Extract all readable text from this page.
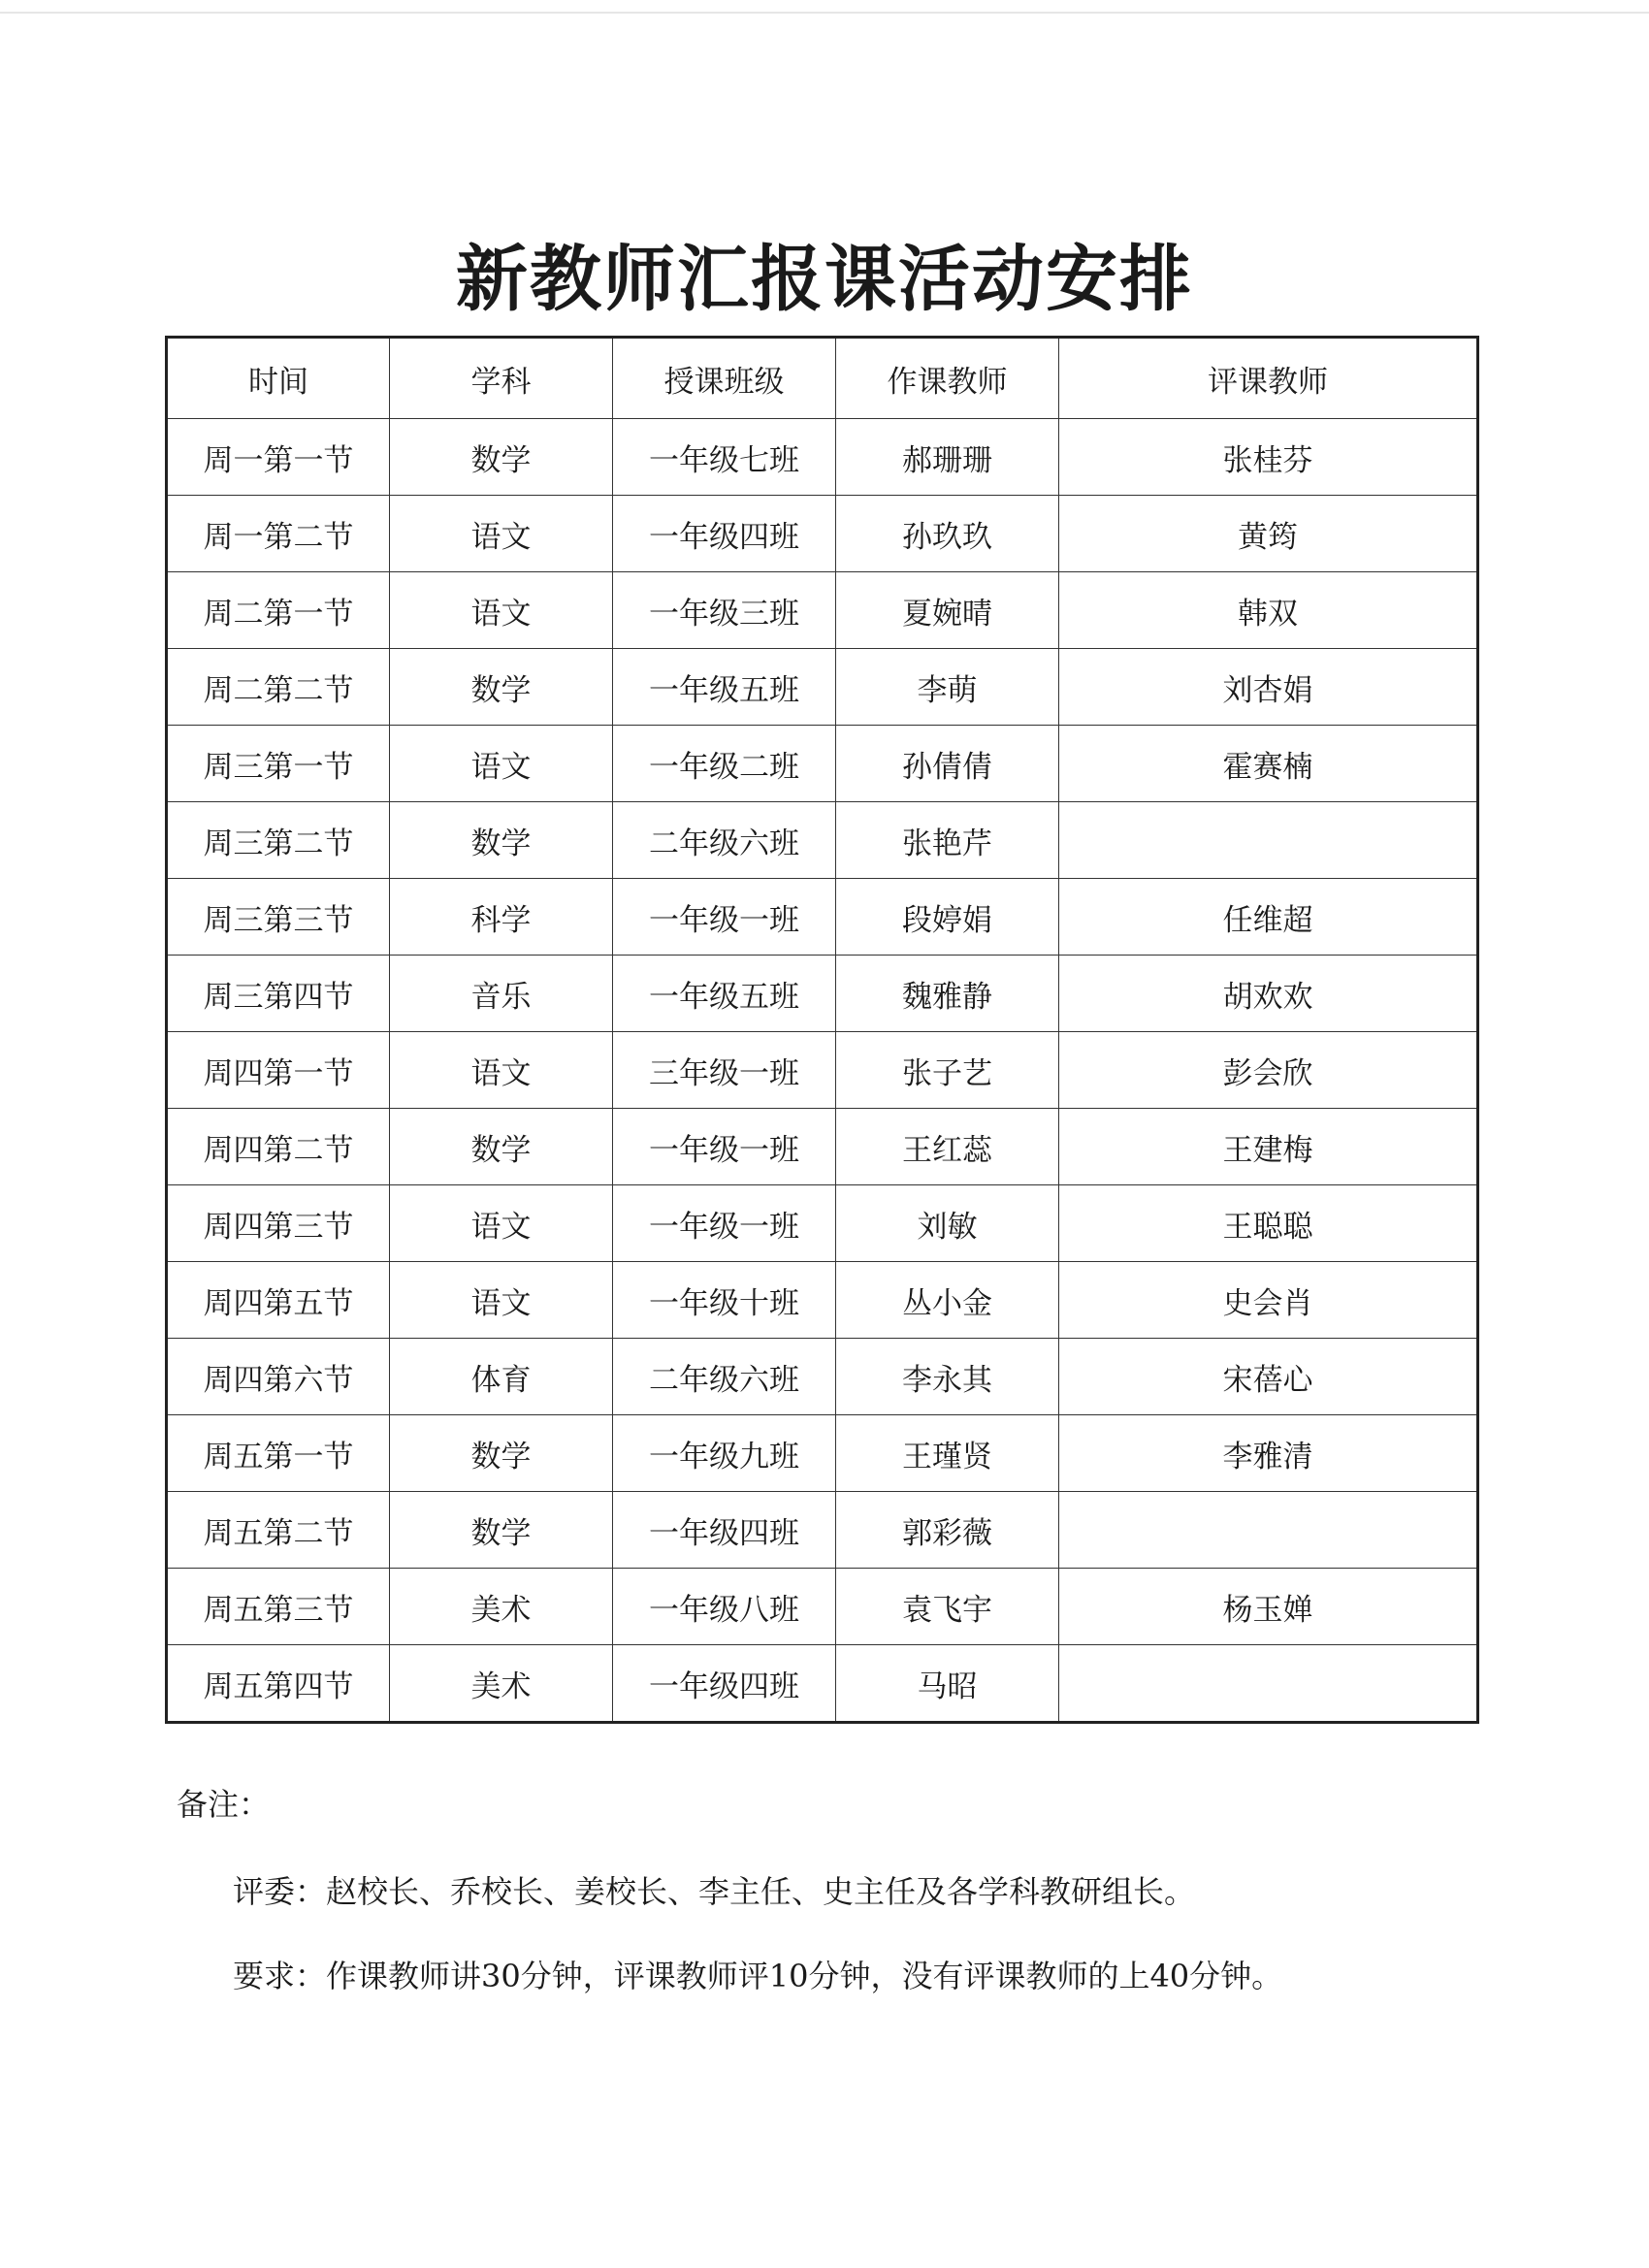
新教师汇报课活动安排
时间	学科	授课班级	作课教师	评课教师
周一第一节	数学	一年级七班	郝珊珊	张桂芬
周一第二节	语文	一年级四班	孙玖玖	黄筠
周二第一节	语文	一年级三班	夏婉晴	韩双
周二第二节	数学	一年级五班	李萌	刘杏娟
周三第一节	语文	一年级二班	孙倩倩	霍赛楠
周三第二节	数学	二年级六班	张艳芹	
周三第三节	科学	一年级一班	段婷娟	任维超
周三第四节	音乐	一年级五班	魏雅静	胡欢欢
周四第一节	语文	三年级一班	张子艺	彭会欣
周四第二节	数学	一年级一班	王红蕊	王建梅
周四第三节	语文	一年级一班	刘敏	王聪聪
周四第五节	语文	一年级十班	丛小金	史会肖
周四第六节	体育	二年级六班	李永其	宋蓓心
周五第一节	数学	一年级九班	王瑾贤	李雅清
周五第二节	数学	一年级四班	郭彩薇	
周五第三节	美术	一年级八班	袁飞宇	杨玉婵
周五第四节	美术	一年级四班	马昭	
备注：
评委：赵校长、乔校长、姜校长、李主任、史主任及各学科教研组长。
要求：作课教师讲30分钟，评课教师评10分钟，没有评课教师的上40分钟。
